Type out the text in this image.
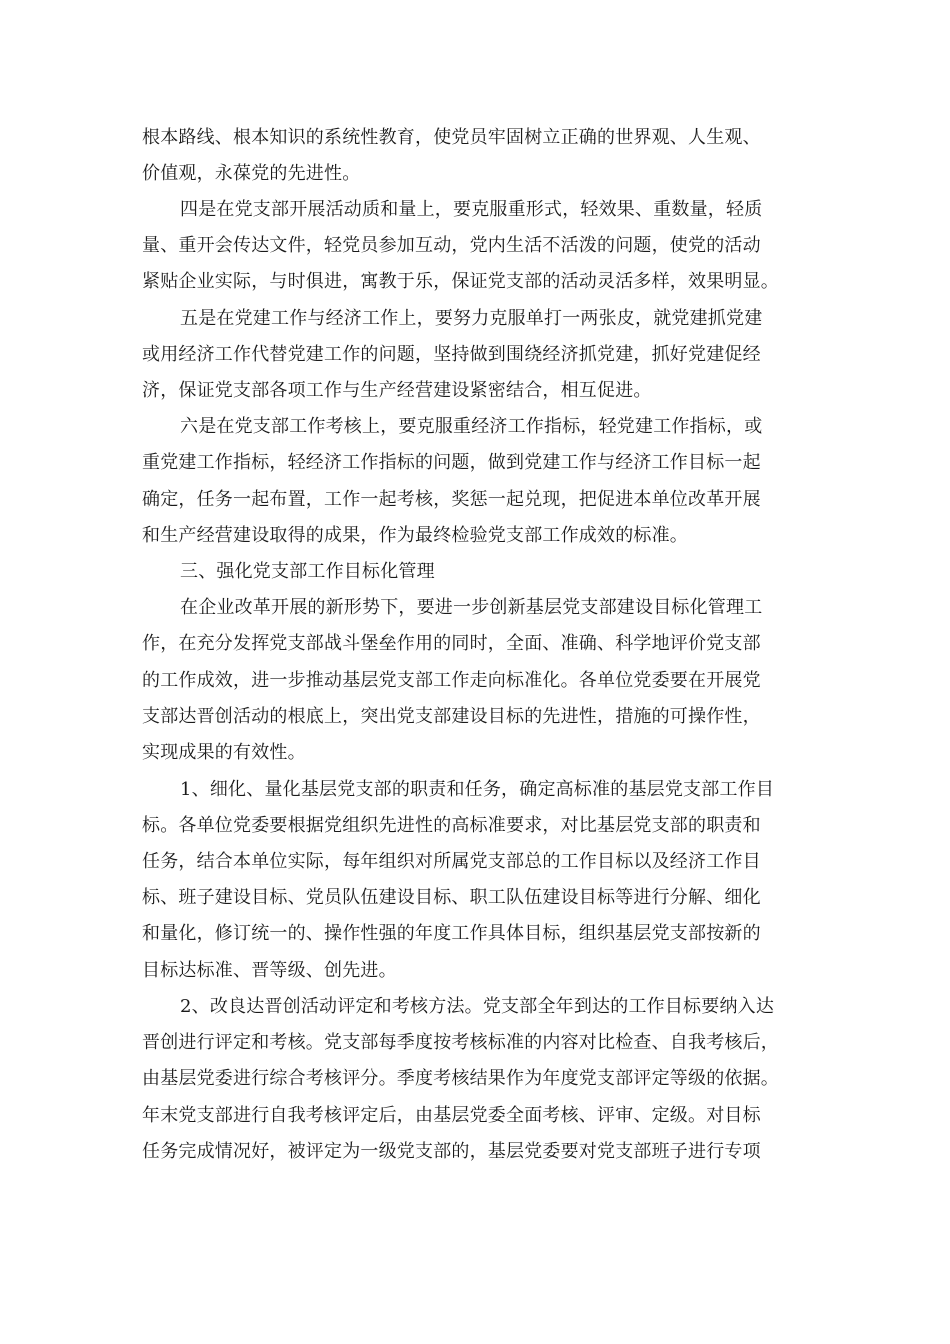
根本路线、根本知识的系统性教育，使党员牢固树立正确的世界观、人生观、
价值观，永葆党的先进性。
四是在党支部开展活动质和量上，要克服重形式，轻效果、重数量，轻质
量、重开会传达文件，轻党员参加互动，党内生活不活泼的问题，使党的活动
紧贴企业实际，与时俱进，寓教于乐，保证党支部的活动灵活多样，效果明显。
五是在党建工作与经济工作上，要努力克服单打一两张皮，就党建抓党建
或用经济工作代替党建工作的问题，坚持做到围绕经济抓党建，抓好党建促经
济，保证党支部各项工作与生产经营建设紧密结合，相互促进。
六是在党支部工作考核上，要克服重经济工作指标，轻党建工作指标，或
重党建工作指标，轻经济工作指标的问题，做到党建工作与经济工作目标一起
确定，任务一起布置，工作一起考核，奖惩一起兑现，把促进本单位改革开展
和生产经营建设取得的成果，作为最终检验党支部工作成效的标准。
三、强化党支部工作目标化管理
在企业改革开展的新形势下，要进一步创新基层党支部建设目标化管理工
作，在充分发挥党支部战斗堡垒作用的同时，全面、准确、科学地评价党支部
的工作成效，进一步推动基层党支部工作走向标准化。各单位党委要在开展党
支部达晋创活动的根底上，突出党支部建设目标的先进性，措施的可操作性，
实现成果的有效性。
1、细化、量化基层党支部的职责和任务，确定高标准的基层党支部工作目
标。各单位党委要根据党组织先进性的高标准要求，对比基层党支部的职责和
任务，结合本单位实际，每年组织对所属党支部总的工作目标以及经济工作目
标、班子建设目标、党员队伍建设目标、职工队伍建设目标等进行分解、细化
和量化，修订统一的、操作性强的年度工作具体目标，组织基层党支部按新的
目标达标准、晋等级、创先进。
2、改良达晋创活动评定和考核方法。党支部全年到达的工作目标要纳入达
晋创进行评定和考核。党支部每季度按考核标准的内容对比检查、自我考核后，
由基层党委进行综合考核评分。季度考核结果作为年度党支部评定等级的依据。
年末党支部进行自我考核评定后，由基层党委全面考核、评审、定级。对目标
任务完成情况好，被评定为一级党支部的，基层党委要对党支部班子进行专项
